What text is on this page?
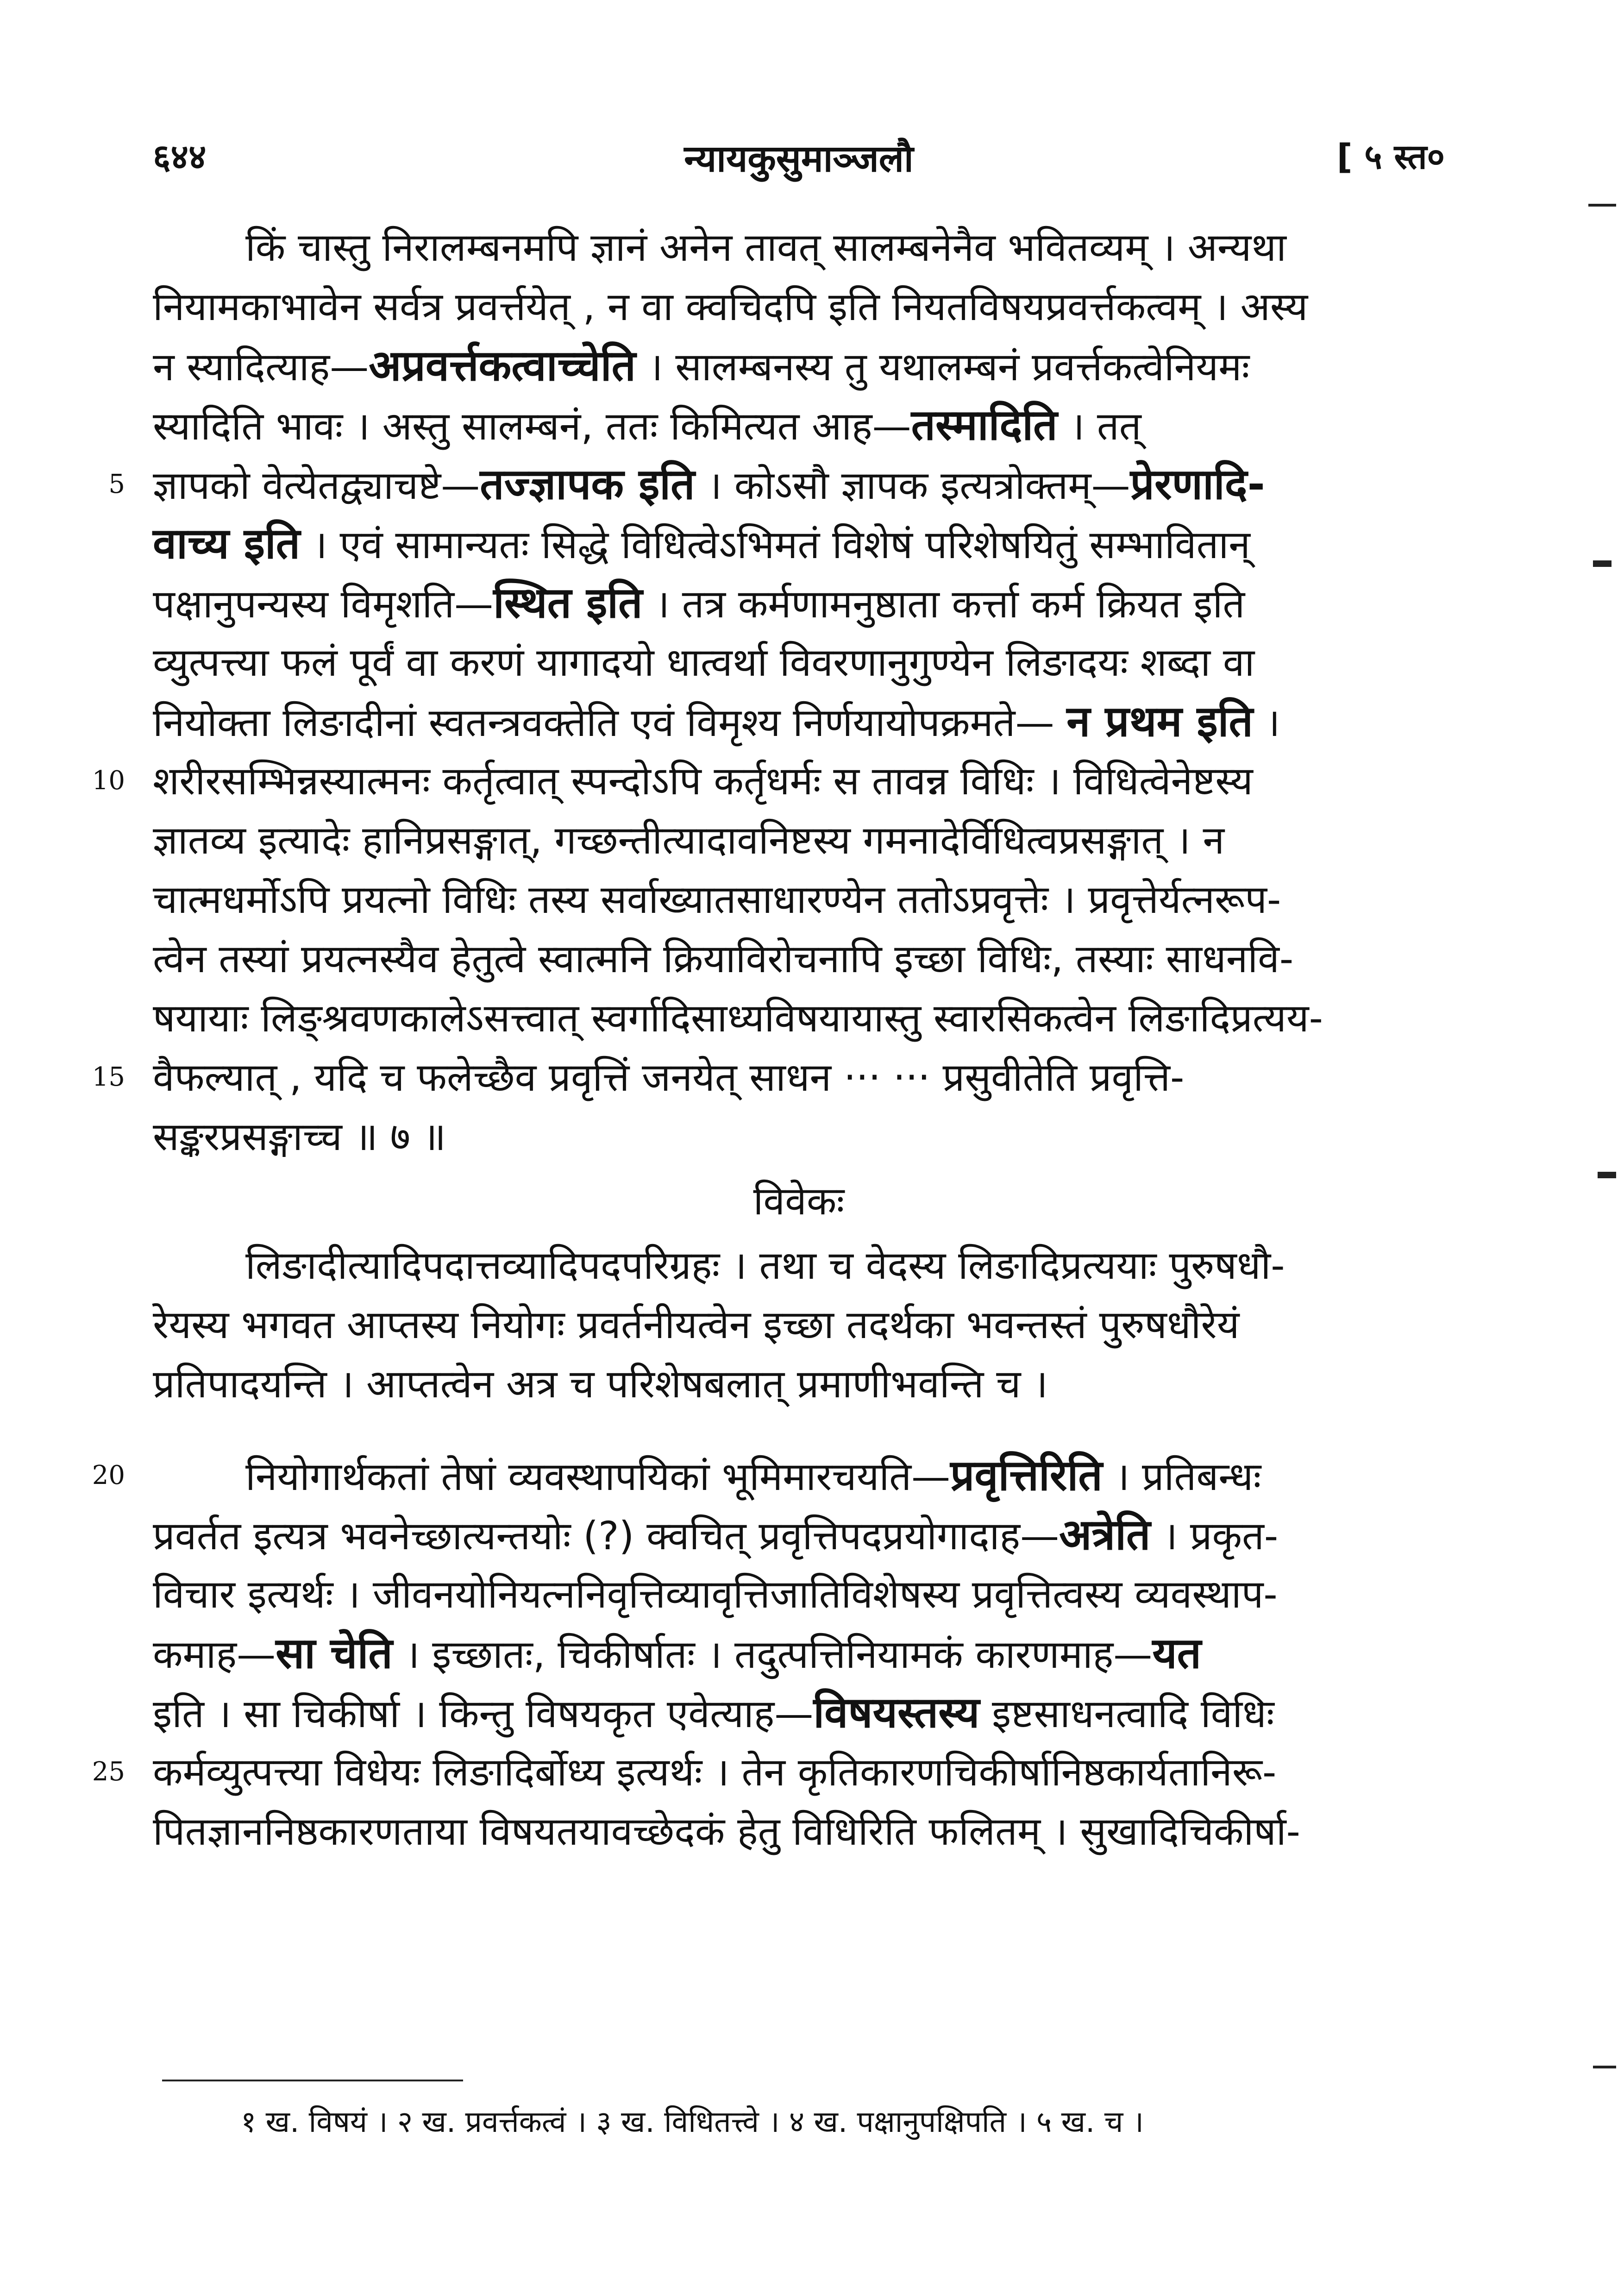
६४४	न्यायकुसुमाञ्जलौ	[ ५ स्त०
किं चास्तु निरालम्बनमपि ज्ञानं अनेन तावत् सालम्बनेनैव भवितव्यम् । अन्यथा
नियामकाभावेन सर्वत्र प्रवर्त्तयेत् , न वा क्वचिदपि इति नियतविषयप्रवर्त्तकत्वम् । अस्य
न स्यादित्याह—अप्रवर्त्तकत्वाच्चेति । सालम्बनस्य तु यथालम्बनं प्रवर्त्तकत्वेनियमः
स्यादिति भावः । अस्तु सालम्बनं, ततः किमित्यत आह—तस्मादिति । तत्
5 ज्ञापको वेत्येतद्व्याचष्टे—तज्ज्ञापक इति । कोऽसौ ज्ञापक इत्यत्रोक्तम्—प्रेरणादि-
वाच्य इति । एवं सामान्यतः सिद्धे विधित्वेऽभिमतं विशेषं परिशेषयितुं सम्भावितान्
पक्षानुपन्यस्य विमृशति—स्थित इति । तत्र कर्मणामनुष्ठाता कर्त्ता कर्म क्रियत इति
व्युत्पत्त्या फलं पूर्वं वा करणं यागादयो धात्वर्था विवरणानुगुण्येन लिङादयः शब्दा वा
नियोक्ता लिङादीनां स्वतन्त्रवक्तेति एवं विमृश्य निर्णयायोपक्रमते— न प्रथम इति ।
10 शरीरसम्भिन्नस्यात्मनः कर्तृत्वात् स्पन्दोऽपि कर्तृधर्मः स तावन्न विधिः । विधित्वेनेष्टस्य
ज्ञातव्य इत्यादेः हानिप्रसङ्गात्, गच्छन्तीत्यादावनिष्टस्य गमनादेर्विधित्वप्रसङ्गात् । न
चात्मधर्मोऽपि प्रयत्नो विधिः तस्य सर्वाख्यातसाधारण्येन ततोऽप्रवृत्तेः । प्रवृत्तेर्यत्नरूप-
त्वेन तस्यां प्रयत्नस्यैव हेतुत्वे स्वात्मनि क्रियाविरोचनापि इच्छा विधिः, तस्याः साधनवि-
षयायाः लिङ्श्रवणकालेऽसत्त्वात् स्वर्गादिसाध्यविषयायास्तु स्वारसिकत्वेन लिङादिप्रत्यय-
15 वैफल्यात् , यदि च फलेच्छैव प्रवृत्तिं जनयेत् साधन ··· ··· प्रसुवीतेति प्रवृत्ति-
सङ्करप्रसङ्गाच्च ॥ ७ ॥
विवेकः
लिङादीत्यादिपदात्तव्यादिपदपरिग्रहः । तथा च वेदस्य लिङादिप्रत्ययाः पुरुषधौ-
रेयस्य भगवत आप्तस्य नियोगः प्रवर्तनीयत्वेन इच्छा तदर्थका भवन्तस्तं पुरुषधौरेयं
प्रतिपादयन्ति । आप्तत्वेन अत्र च परिशेषबलात् प्रमाणीभवन्ति च ।
20	नियोगार्थकतां तेषां व्यवस्थापयिकां भूमिमारचयति—प्रवृत्तिरिति । प्रतिबन्धः
प्रवर्तत इत्यत्र भवनेच्छात्यन्तयोः (?) क्वचित् प्रवृत्तिपदप्रयोगादाह—अत्रेति । प्रकृत-
विचार इत्यर्थः । जीवनयोनियत्ननिवृत्तिव्यावृत्तिजातिविशेषस्य प्रवृत्तित्वस्य व्यवस्थाप-
कमाह—सा चेति । इच्छातः, चिकीर्षातः । तदुत्पत्तिनियामकं कारणमाह—यत
इति । सा चिकीर्षा । किन्तु विषयकृत एवेत्याह—विषयस्तस्य इष्टसाधनत्वादि विधिः
25 कर्मव्युत्पत्त्या विधेयः लिङादिर्बोध्य इत्यर्थः । तेन कृतिकारणचिकीर्षानिष्ठकार्यतानिरू-
पितज्ञाननिष्ठकारणताया विषयतयावच्छेदकं हेतु विधिरिति फलितम् । सुखादिचिकीर्षा-
१ ख. विषयं । २ ख. प्रवर्त्तकत्वं । ३ ख. विधितत्त्वे । ४ ख. पक्षानुपक्षिपति । ५ ख. च ।
